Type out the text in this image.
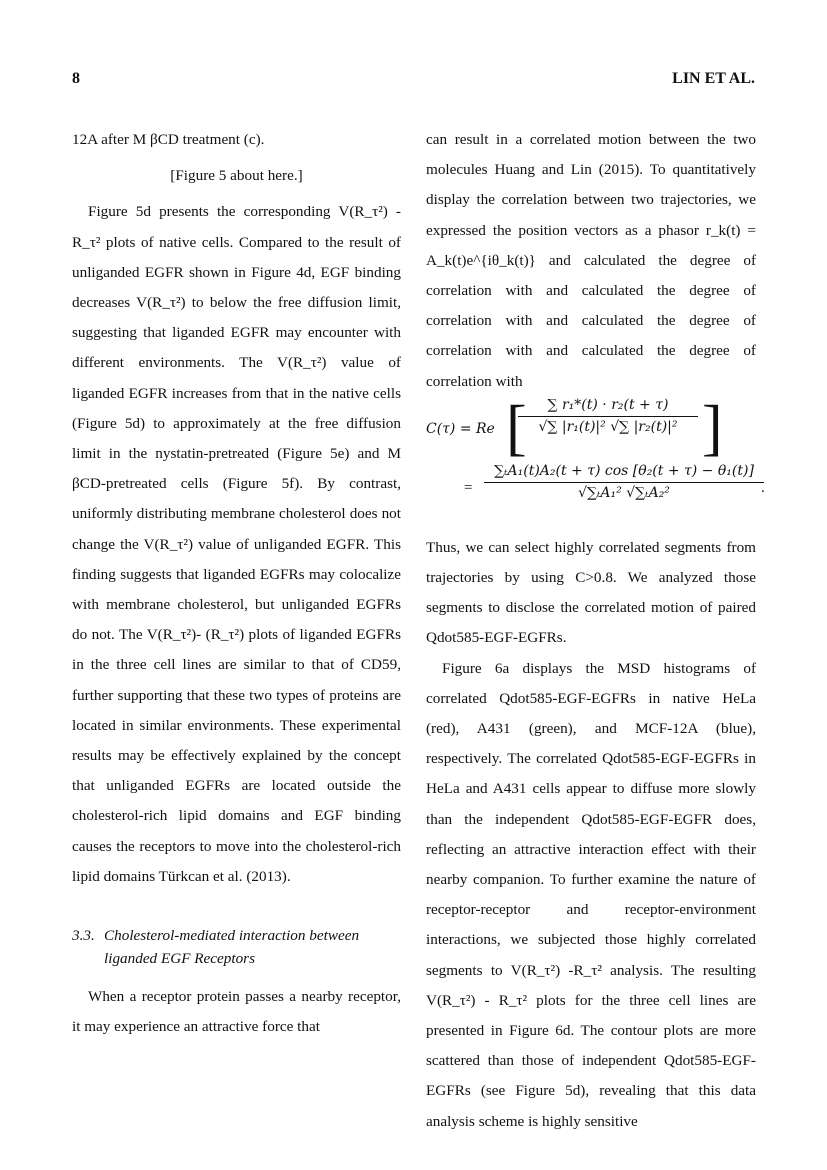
8	LIN ET AL.

12A after M βCD treatment (c).

[Figure 5 about here.]

Figure 5d presents the corresponding V(R_τ²) - R_τ² plots of native cells. Compared to the result of unliganded EGFR shown in Figure 4d, EGF binding decreases V(R_τ²) to below the free diffusion limit, suggesting that liganded EGFR may encounter with different environments. The V(R_τ²) value of liganded EGFR increases from that in the native cells (Figure 5d) to approximately at the free diffusion limit in the nystatin-pretreated (Figure 5e) and M βCD-pretreated cells (Figure 5f). By contrast, uniformly distributing membrane cholesterol does not change the V(R_τ²) value of unliganded EGFR. This finding suggests that liganded EGFRs may colocalize with membrane cholesterol, but unliganded EGFRs do not. The V(R_τ²)- (R_τ²) plots of liganded EGFRs in the three cell lines are similar to that of CD59, further supporting that these two types of proteins are located in similar environments. These experimental results may be effectively explained by the concept that unliganded EGFRs are located outside the cholesterol-rich lipid domains and EGF binding causes the receptors to move into the cholesterol-rich lipid domains Türkcan et al. (2013).

3.3. Cholesterol-mediated interaction between
liganded EGF Receptors

When a receptor protein passes a nearby receptor, it may experience an attractive force that

can result in a correlated motion between the two molecules Huang and Lin (2015). To quantitatively display the correlation between two trajectories, we expressed the position vectors as a phasor r_k(t) = A_k(t)e^{iθ_k(t)} and calculated the degree of correlation with and calculated the degree of correlation with and calculated the degree of correlation with and calculated the degree of correlation with

C(τ) = Re [	∑ r₁*(t) · r₂(t + τ)
√∑ |r₁(t)|² √∑ |r₂(t)|² ]
=
∑ₜA₁(t)A₂(t + τ) cos [θ₂(t + τ) − θ₁(t)]
√∑ₜA₁² √∑ₜA₂²	.

Thus, we can select highly correlated segments from trajectories by using C>0.8. We analyzed those segments to disclose the correlated motion of paired Qdot585-EGF-EGFRs.

Figure 6a displays the MSD histograms of correlated Qdot585-EGF-EGFRs in native HeLa (red), A431 (green), and MCF-12A (blue), respectively. The correlated Qdot585-EGF-EGFRs in HeLa and A431 cells appear to diffuse more slowly than the independent Qdot585-EGF-EGFR does, reflecting an attractive interaction effect with their nearby companion. To further examine the nature of receptor-receptor and receptor-environment interactions, we subjected those highly correlated segments to V(R_τ²) -R_τ² analysis. The resulting V(R_τ²) - R_τ² plots for the three cell lines are presented in Figure 6d. The contour plots are more scattered than those of independent Qdot585-EGF-EGFRs (see Figure 5d), revealing that this data analysis scheme is highly sensitive
